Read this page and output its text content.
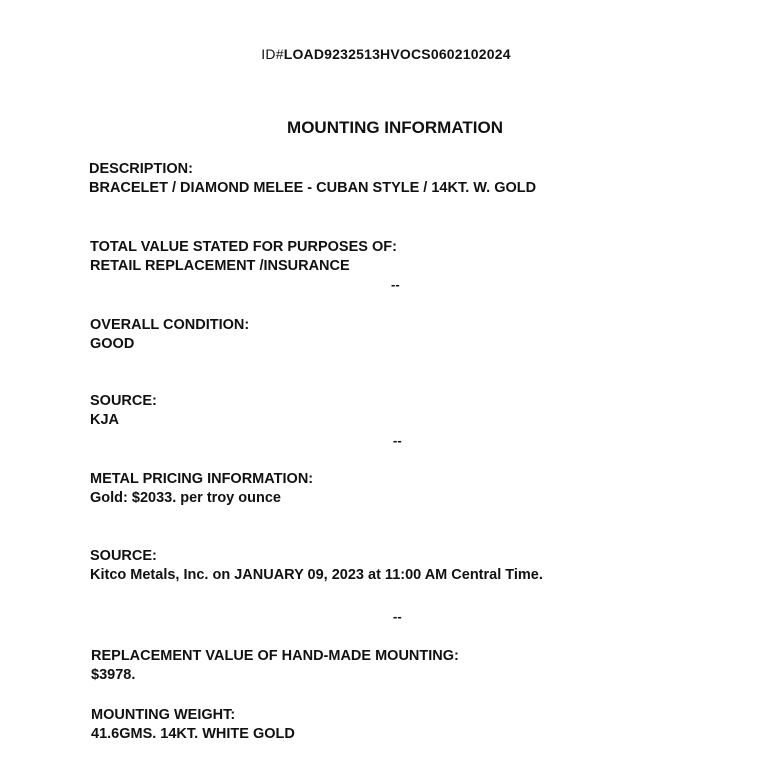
ID#LOAD9232513HVOCS0602102024
MOUNTING INFORMATION
DESCRIPTION:
BRACELET / DIAMOND MELEE - CUBAN STYLE / 14KT. W. GOLD
TOTAL VALUE STATED FOR PURPOSES OF:
RETAIL REPLACEMENT /INSURANCE
--
OVERALL CONDITION:
GOOD
SOURCE:
KJA
--
METAL PRICING INFORMATION:
Gold: $2033. per troy ounce
SOURCE:
Kitco Metals, Inc. on JANUARY 09, 2023 at 11:00 AM Central Time.
--
REPLACEMENT VALUE OF HAND-MADE MOUNTING:
$3978.
MOUNTING WEIGHT:
41.6GMS. 14KT. WHITE GOLD
